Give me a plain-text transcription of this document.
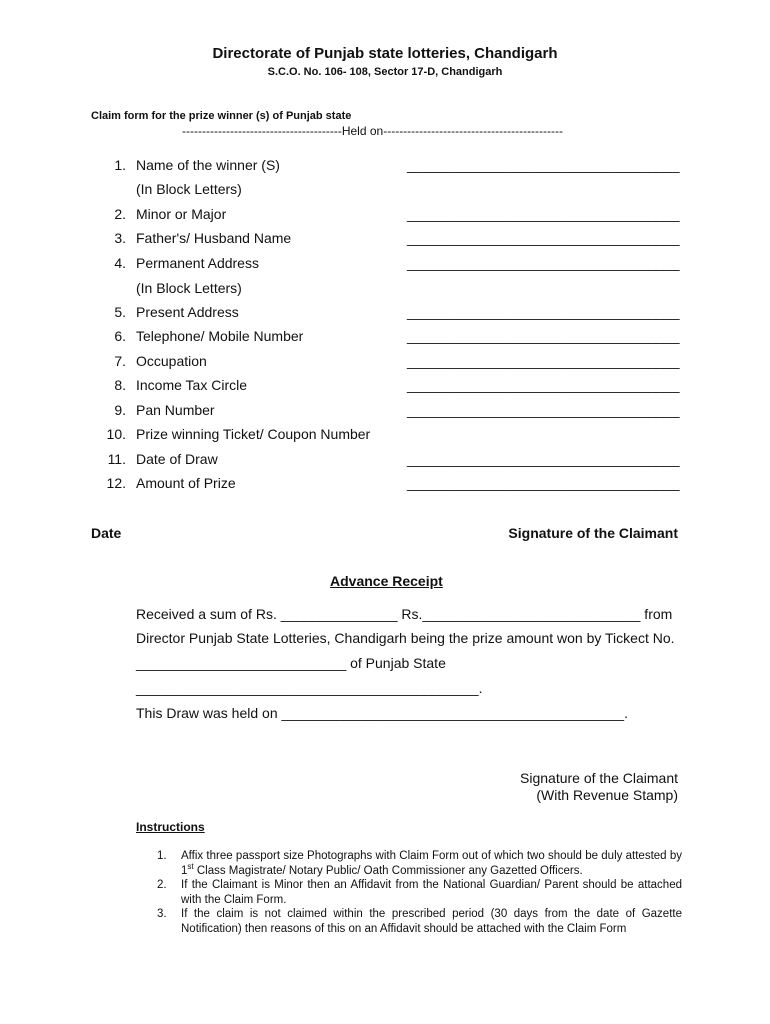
Directorate of Punjab state lotteries, Chandigarh
S.C.O. No. 106- 108, Sector 17-D, Chandigarh
Claim form for the prize winner (s) of Punjab state
----------------------------------------Held on---------------------------------------------
1. Name of the winner (S)	___________________________________
(In Block Letters)
2. Minor or Major	___________________________________
3. Father's/ Husband Name	___________________________________
4. Permanent Address	___________________________________
(In Block Letters)
5. Present Address	___________________________________
6. Telephone/ Mobile Number	___________________________________
7. Occupation	___________________________________
8. Income Tax Circle	___________________________________
9. Pan Number	___________________________________
10. Prize winning Ticket/ Coupon Number
11. Date of Draw	___________________________________
12. Amount of Prize	___________________________________
Date	Signature of the Claimant
Advance Receipt
Received a sum of Rs. _______________ Rs.____________________________ from
Director Punjab State Lotteries, Chandigarh being the prize amount won by Tickect No.
___________________________ of Punjab State
____________________________________________.
This Draw was held on ____________________________________________.
Signature of the Claimant
(With Revenue Stamp)
Instructions
1. Affix three passport size Photographs with Claim Form out of which two should be duly attested by 1st Class Magistrate/ Notary Public/ Oath Commissioner any Gazetted Officers.
2. If the Claimant is Minor then an Affidavit from the National Guardian/ Parent should be attached with the Claim Form.
3. If the claim is not claimed within the prescribed period (30 days from the date of Gazette Notification) then reasons of this on an Affidavit should be attached with the Claim Form
